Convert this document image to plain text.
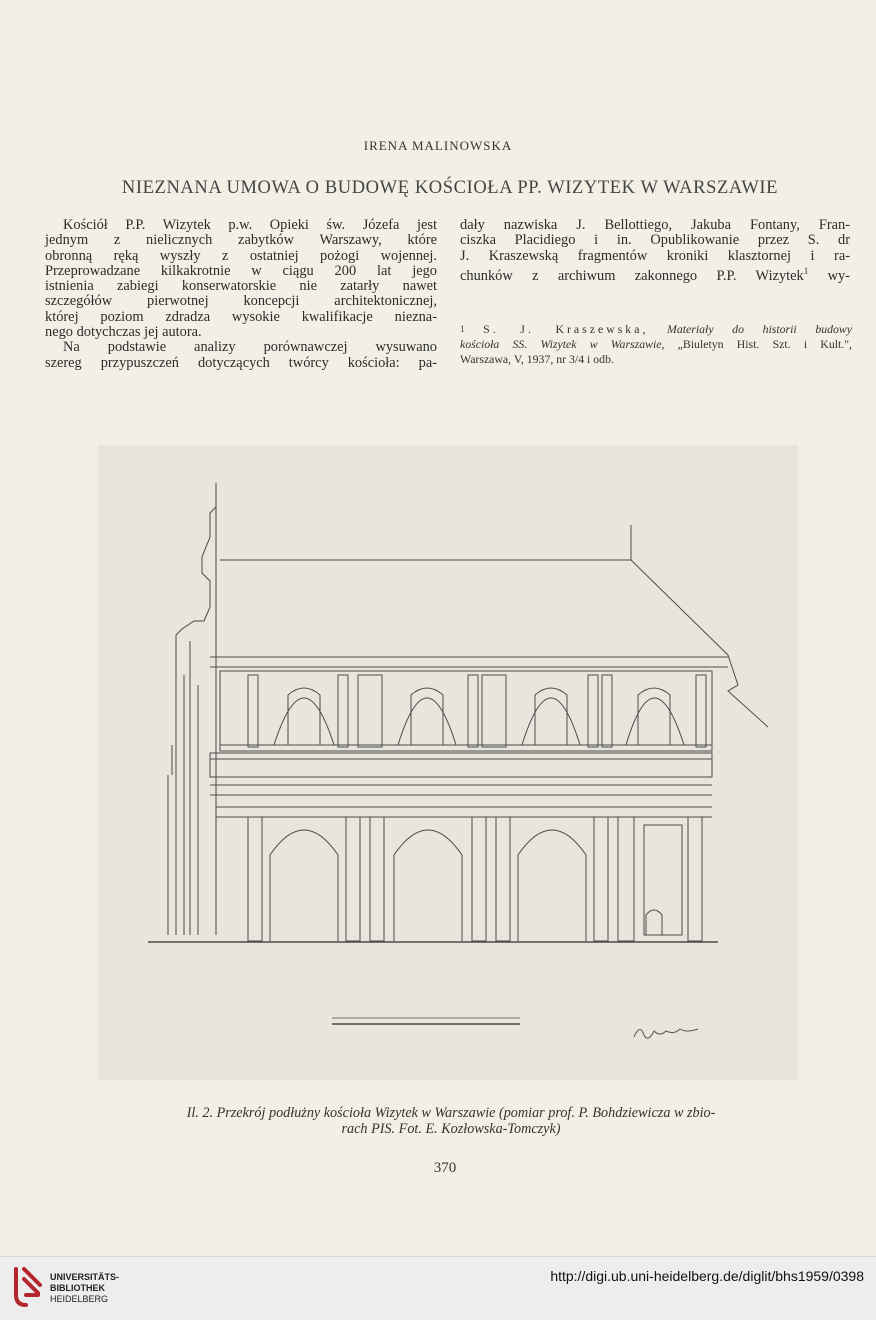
IRENA MALINOWSKA
NIEZNANA UMOWA O BUDOWĘ KOŚCIOŁA PP. WIZYTEK W WARSZAWIE
Kościół P.P. Wizytek p.w. Opieki św. Józefa jest
jednym z nielicznych zabytków Warszawy, które
obronną ręką wyszły z ostatniej pożogi wojennej.
Przeprowadzane kilkakrotnie w ciągu 200 lat jego
istnienia zabiegi konserwatorskie nie zatarły nawet
szczegółów pierwotnej koncepcji architektonicznej,
której poziom zdradza wysokie kwalifikacje niezna-
nego dotychczas jej autora.
Na podstawie analizy porównawczej wysuwano
szereg przypuszczeń dotyczących twórcy kościoła: pa-
dały nazwiska J. Bellottiego, Jakuba Fontany, Fran-
ciszka Placidiego i in. Opublikowanie przez S. dr
J. Kraszewską fragmentów kroniki klasztornej i ra-
chunków z archiwum zakonnego P.P. Wizytek$^1$ wy-
1 S. J. Kraszewska, Materiały do historii budowy
kościoła SS. Wizytek w Warszawie, „Biuletyn Hist. Szt. i Kult.",
Warszawa, V, 1937, nr 3/4 i odb.
Il. 2. Przekrój podłużny kościoła Wizytek w Warszawie (pomiar prof. P. Bohdziewicza w zbio-
rach PIS. Fot. E. Kozłowska-Tomczyk)
370
UNIVERSITÄTS-
BIBLIOTHEK
HEIDELBERG
http://digi.ub.uni-heidelberg.de/diglit/bhs1959/0398
